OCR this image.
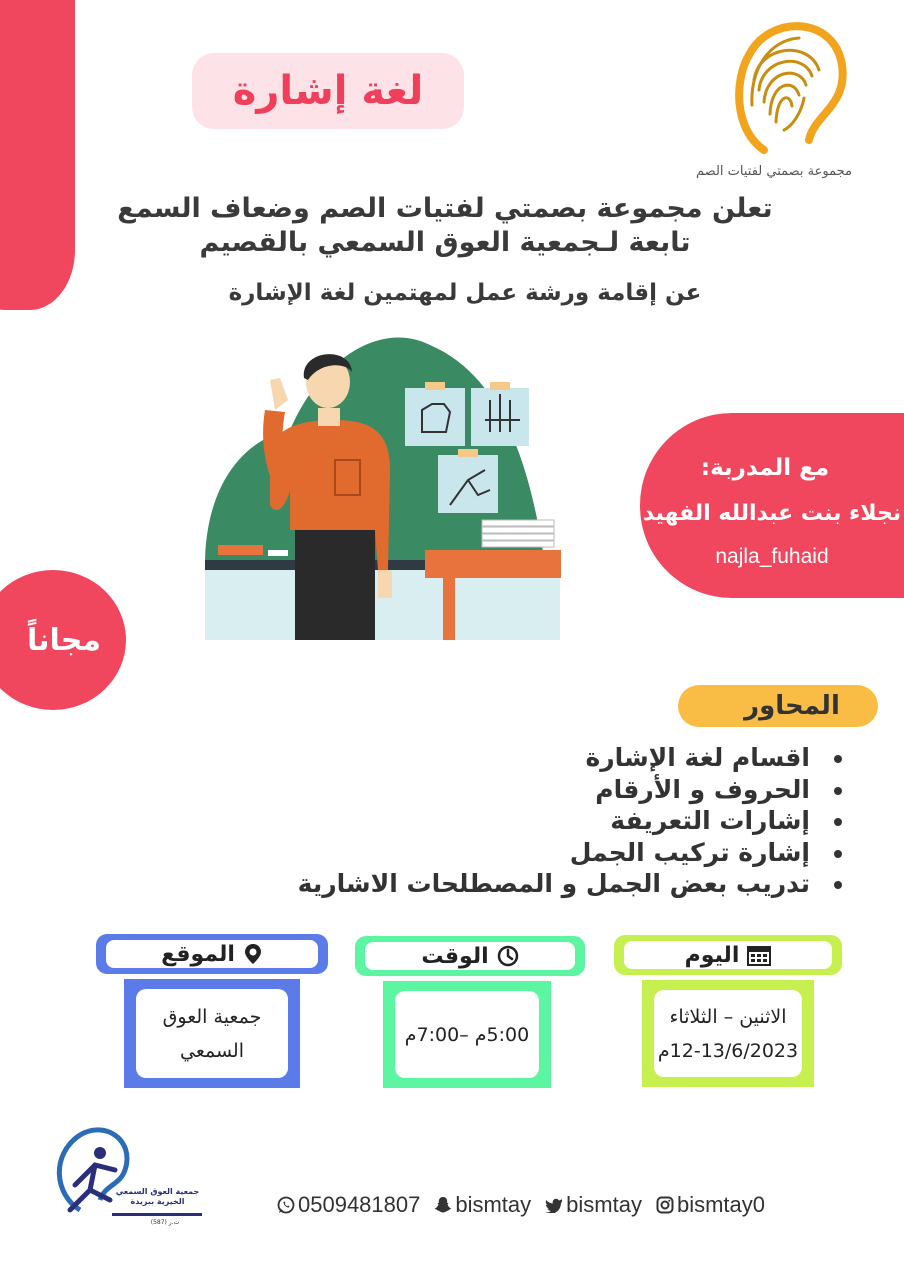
لغة إشارة
مجموعة بصمتي لفتيات الصم
تعلن مجموعة بصمتي لفتيات الصم وضعاف السمع
تابعة لـجمعية العوق السمعي بالقصيم
عن إقامة ورشة عمل لمهتمين لغة الإشارة
مع المدربة:
نجلاء بنت عبدالله الفهيد
najla_fuhaid
مجاناً
المحاور
اقسام لغة الإشارة
الحروف و الأرقام
إشارات التعريفة
إشارة تركيب الجمل
تدريب بعض الجمل و المصطلحات الاشارية
الموقع
جمعية العوق السمعي
الوقت
5:00م –7:00م
اليوم
الاثنين – الثلاثاء
12-13/6/2023م
جمعية العوق السمعي
الخيرية ببريدة
(587) ت.ر
bismtay0
bismtay
bismtay
0509481807
